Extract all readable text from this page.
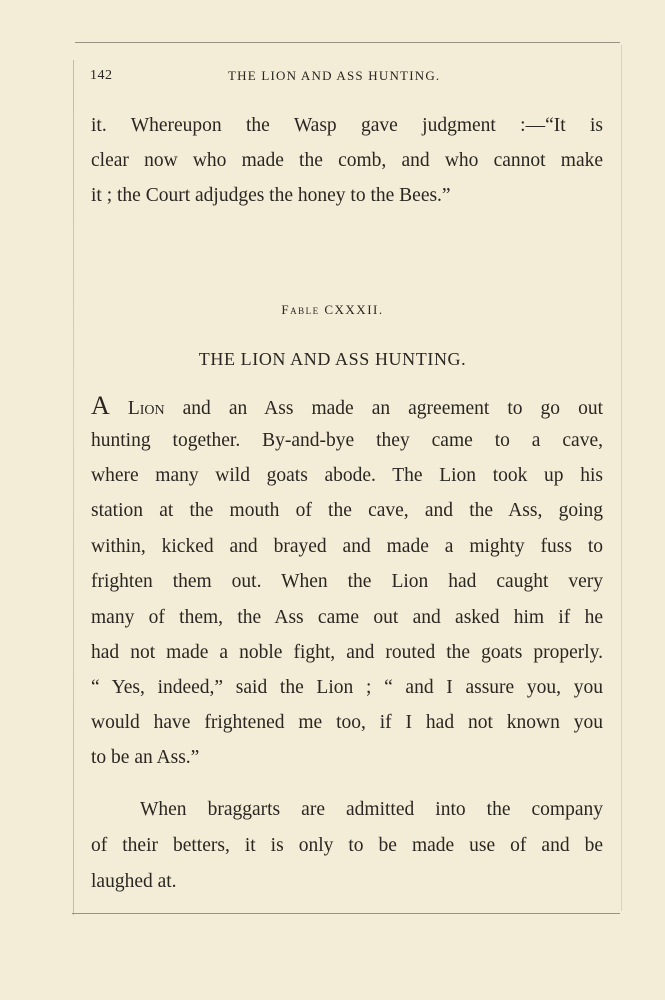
142	THE LION AND ASS HUNTING.
it. Whereupon the Wasp gave judgment :—“It is
clear now who made the comb, and who cannot make
it ; the Court adjudges the honey to the Bees.”
Fable CXXXII.
THE LION AND ASS HUNTING.
A Lion and an Ass made an agreement to go out
hunting together. By-and-bye they came to a cave,
where many wild goats abode. The Lion took up his
station at the mouth of the cave, and the Ass, going
within, kicked and brayed and made a mighty fuss to
frighten them out. When the Lion had caught very
many of them, the Ass came out and asked him if he
had not made a noble fight, and routed the goats properly.
“ Yes, indeed,” said the Lion ; “ and I assure you, you
would have frightened me too, if I had not known you
to be an Ass.”
When braggarts are admitted into the company
of their betters, it is only to be made use of and be
laughed at.
